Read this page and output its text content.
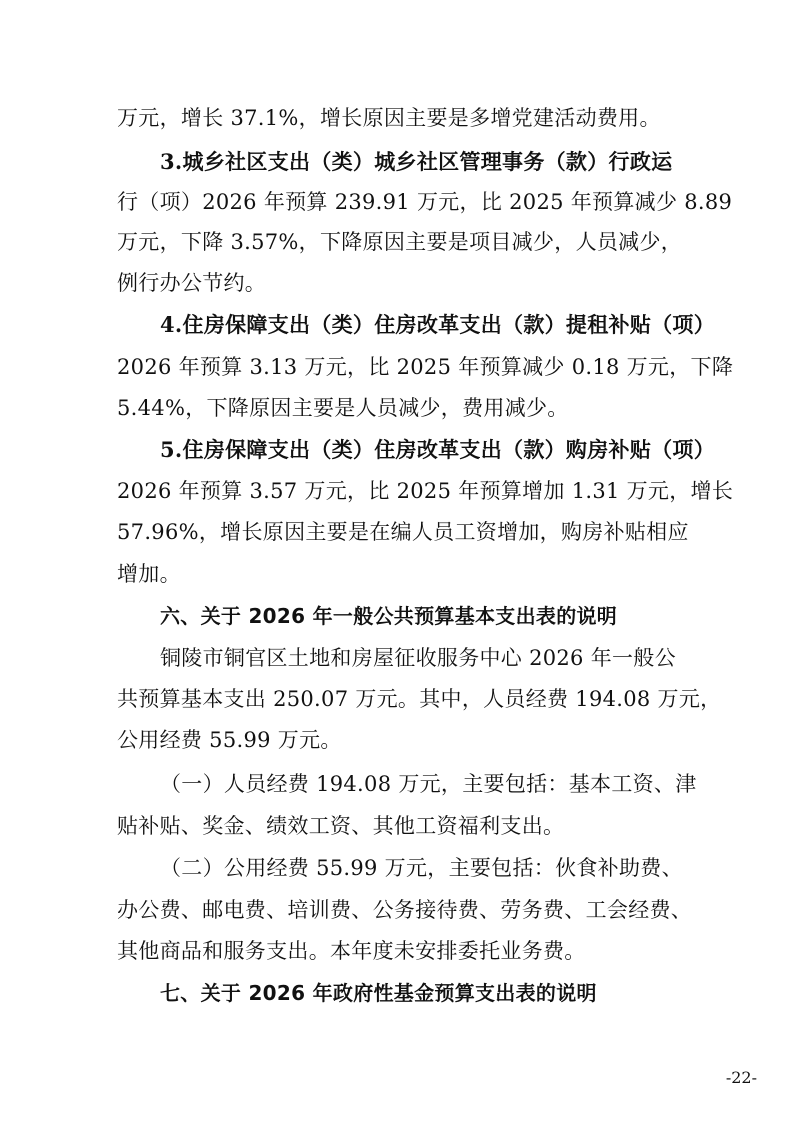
万元，增长 37.1%，增长原因主要是多增党建活动费用。
3.城乡社区支出（类）城乡社区管理事务（款）行政运
行（项）2026 年预算 239.91 万元，比 2025 年预算减少 8.89
万元，下降 3.57%，下降原因主要是项目减少，人员减少，
例行办公节约。
4.住房保障支出（类）住房改革支出（款）提租补贴（项）
2026 年预算 3.13 万元，比 2025 年预算减少 0.18 万元，下降
5.44%，下降原因主要是人员减少，费用减少。
5.住房保障支出（类）住房改革支出（款）购房补贴（项）
2026 年预算 3.57 万元，比 2025 年预算增加 1.31 万元，增长
57.96%，增长原因主要是在编人员工资增加，购房补贴相应
增加。
六、关于 2026 年一般公共预算基本支出表的说明
铜陵市铜官区土地和房屋征收服务中心 2026 年一般公
共预算基本支出 250.07 万元。其中，人员经费 194.08 万元，
公用经费 55.99 万元。
（一）人员经费 194.08 万元，主要包括：基本工资、津
贴补贴、奖金、绩效工资、其他工资福利支出。
（二）公用经费 55.99 万元，主要包括：伙食补助费、
办公费、邮电费、培训费、公务接待费、劳务费、工会经费、
其他商品和服务支出。本年度未安排委托业务费。
七、关于 2026 年政府性基金预算支出表的说明
-22-
